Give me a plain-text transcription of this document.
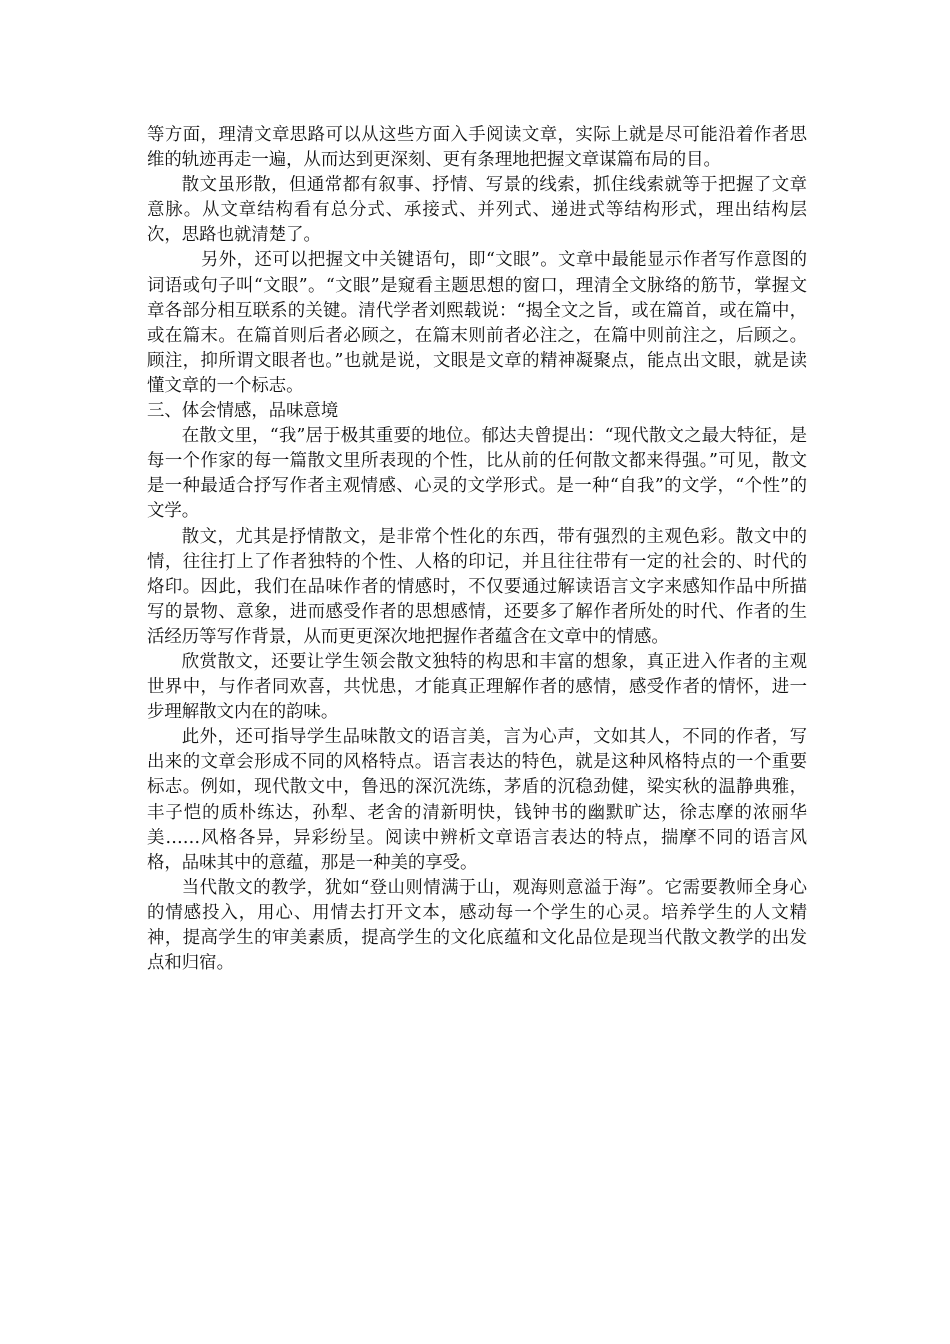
等方面，理清文章思路可以从这些方面入手阅读文章，实际上就是尽可能沿着作者思维的轨迹再走一遍，从而达到更深刻、更有条理地把握文章谋篇布局的目。

散文虽形散，但通常都有叙事、抒情、写景的线索，抓住线索就等于把握了文章意脉。从文章结构看有总分式、承接式、并列式、递进式等结构形式，理出结构层次，思路也就清楚了。

另外，还可以把握文中关键语句，即“文眼”。文章中最能显示作者写作意图的词语或句子叫“文眼”。“文眼”是窥看主题思想的窗口，理清全文脉络的筋节，掌握文章各部分相互联系的关键。清代学者刘熙载说：“揭全文之旨，或在篇首，或在篇中，或在篇末。在篇首则后者必顾之，在篇末则前者必注之，在篇中则前注之，后顾之。顾注，抑所谓文眼者也。”也就是说，文眼是文章的精神凝聚点，能点出文眼，就是读懂文章的一个标志。

三、体会情感，品味意境

在散文里，“我”居于极其重要的地位。郁达夫曾提出：“现代散文之最大特征，是每一个作家的每一篇散文里所表现的个性，比从前的任何散文都来得强。”可见，散文是一种最适合抒写作者主观情感、心灵的文学形式。是一种“自我”的文学，“个性”的文学。

散文，尤其是抒情散文，是非常个性化的东西，带有强烈的主观色彩。散文中的情，往往打上了作者独特的个性、人格的印记，并且往往带有一定的社会的、时代的烙印。因此，我们在品味作者的情感时，不仅要通过解读语言文字来感知作品中所描写的景物、意象，进而感受作者的思想感情，还要多了解作者所处的时代、作者的生活经历等写作背景，从而更更深次地把握作者蕴含在文章中的情感。

欣赏散文，还要让学生领会散文独特的构思和丰富的想象，真正进入作者的主观世界中，与作者同欢喜，共忧患，才能真正理解作者的感情，感受作者的情怀，进一步理解散文内在的韵味。

此外，还可指导学生品味散文的语言美，言为心声，文如其人，不同的作者，写出来的文章会形成不同的风格特点。语言表达的特色，就是这种风格特点的一个重要标志。例如，现代散文中，鲁迅的深沉洗练，茅盾的沉稳劲健，梁实秋的温静典雅，丰子恺的质朴练达，孙犁、老舍的清新明快，钱钟书的幽默旷达，徐志摩的浓丽华美……风格各异，异彩纷呈。阅读中辨析文章语言表达的特点，揣摩不同的语言风格，品味其中的意蕴，那是一种美的享受。

当代散文的教学，犹如“登山则情满于山，观海则意溢于海”。它需要教师全身心的情感投入，用心、用情去打开文本，感动每一个学生的心灵。培养学生的人文精神，提高学生的审美素质，提高学生的文化底蕴和文化品位是现当代散文教学的出发点和归宿。
